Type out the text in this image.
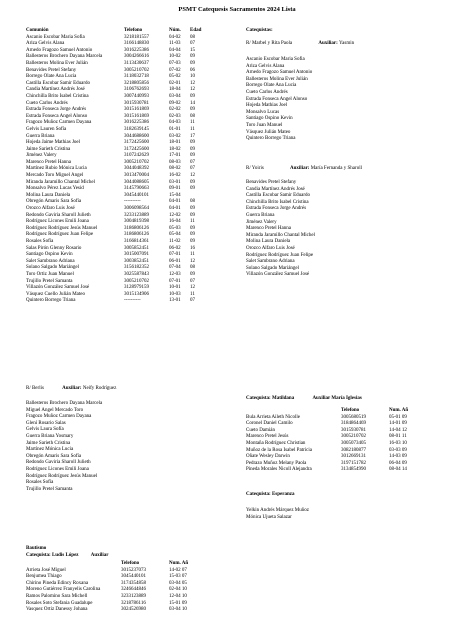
PSMT Catequesis Sacramentos 2024 Lista
Comunión	Telefono	Núm.	Edad
Ascanio Escobar Maria Sofia	3218181557	04-02	08
Ariza Gelvis Alana	3166148830	11-03	07
Arnedo Fragozo Samuel Antonio	3016225386	04-04	15
Ballesteros Brochero Dayana Marcela	3004266616	10-02	09
Ballesteros Molina Ever Julián	3113430637	07-03	09
Benavides Pretel Stefany	3005210702	07-02	06
Borrego Olate Ana Lucia	3118032718	05-02	10
Castilla Escobar Samir Eduardo	3218805856	02-01	12
Candia Martínez Andrés José	3106762693	18-04	12
Chinchilla Brito Isabel Cristina	3007440993	03-04	09
Cueto Carlos Andrés	3015930781	09-02	14
Estrada Fonseca Jorge Andrés	3015161869	02-02	09
Estrada Fonseca Angel Alonso	3015161869	02-03	08
Fragozo Muñoz Carmen Dayana	3016225386	04-03	11
Gelvis Lauren Sofía	3182639145	01-01	11
Guerra Briana	3044688600	03-02	17
Hojeda Jaime Mathias Joel	3172425600	18-01	09
Jaime Sarieth Cristina	3172425600	18-02	09
Jiménez Valery	3107242629	17-01	09
Marenco Pretel Hanna	3005210702	08-03	07
Martínez Rubio Mónica Lucia	3044048392	08-02	07
Mercado Toro Miguel Angel	3013470004	16-02	12
Miranda Jaramillo Chantal Michel	3044088605	03-01	09
Monsalvo Pérez Lucas Yesid	3145790663	09-01	09
Molina Laura Daniela	3045440101	15-04	
Obregón Amaris Sara Sofía	----------	04-01	08
Orozco Alfaro Luis José	3006098564	04-01	09
Redondo Gaviria Sharoll Julieth	3233123889	12-02	09
Rodríguez Licones Emili Joana	3004819398	16-04	11
Rodríguez Rodríguez Jesús Manuel	3186806126	05-03	09
Rodríguez Rodríguez Juan Felipe	3186806126	05-04	09
Rosales Sofía	3166814361	11-02	09
Salas Pirón Glenny Rosario	3005852451	06-02	16
Santiago Ospino Kevin	3015007091	07-01	11
Salet Sambrano Adriana	3003852451	06-01	12
Solano Salgado Mariángel	3156182352	07-04	08
Toro Ortiz Juan Manuel	3025587843	12-03	09
Trujillo Pretel Samanta	3005210702	07-01	07
Villazón González Samuel José	3128979159	10-01	12
Vásquez Cuello Julián Mateo	3015134906	10-03	11
Quintero Borrego Triana	----------	13-01	07
Catequistas:
R/ Marbel y Rita Paola	Auxiliar: Yasmin
Ascanio Escobar Maria Sofia
Ariza Gelvis Alana
Arnedo Fragozo Samuel Antonio
Ballesteros Molina Ever Julián
Borrego Olate Ana Lucia
Cueto Carlos Andrés
Estrada Fonseca Angel Alonso
Hojeda Mathias Joel
Monsalvo Lucas
Santiago Ospino Kevin
Toro Juan Manuel
Vásquez Julián Mateo
Quintero Borrego Triana
R/ Yoiris	Auxiliar: María Fernanda y Sharoll
Benavides Pretel Stefany
Candia Martínez Andrés José
Castilla Escobar Samir Eduardo
Chinchilla Brito Isabel Cristina
Estrada Fonseca Jorge Andrés
Guerra Briana
Jiménez Valery
Marenco Pretel Hanna
Miranda Jaramillo Chantal Michel
Molina Laura Daniela
Orozco Alfaro Luis José
Rodríguez Rodríguez Juan Felipe
Salet Sambrano Adriana
Solano Salgado Mariángel
Villazón González Samuel José
R/ Berlis	Auxiliar: Neify Rodríguez
Ballesteros Brochero Dayana Marcela
Miguel Angel Mercado Toro
Fragozo Muñoz Carmen Dayana
Glení Rosario Salas
Gelvis Laura Sofía
Guerra Briana Yosmary
Jaime Sarieth Cristina
Martínez Mónica Lucia
Obregón Amaris Sara Sofía
Redondo Gaviria Sharoll Julieth
Rodríguez Licones Emili Joana
Rodríguez Rodríguez Jesús Manuel
Rosales Sofía
Trujillo Pretel Samanta
Catequista: Matildana	Auxiliar María Iglesias
	Telefono	Num. Añ
Bula Arrieta Aileth Nicolle	3005680519	05-01 09
Coronel Daniel Camilo	3184864469	14-01 09
Cueto Damián	3015930781	14-04 12
Marenco Pretel Jesús	3005210702	08-01 11
Montaña Rodríguez Christian	3005073405	16-03 10
Muñoz de la Rosa Isabel Patricia	3082180877	03-03 09
Oñate Wesley Darwin	3012669131	14-03 09
Pedrazo Muñoz Melany Paola	3197151782	06-04 09
Pineda Morales Nicoll Alejandra	3134854990	08-04 14
Catequista: Esperanza
Yelkin Andrés Márquez Muñoz
Mónica Ujueta Salazar
Bautismo
Catequista: Ludis López Auxiliar
	Telefono	Num. Añ
Arrieta José Miguel	3015237073	14-02 07
Benjumea Thiago	3045440101	15-03 07
Chirino Pineda Edincy Roxana	3174354858	03-04 05
Moreno Gutiérrez Franyelis Carolina	3246644846	02-04 10
Ramos Palomino Sara Michell	3233123889	12-04 10
Rosales Soto Stefania Guadalupe	3218786116	15-01 09
Vasquez Ortiz Danessy Johana	3024526980	03-04 10
